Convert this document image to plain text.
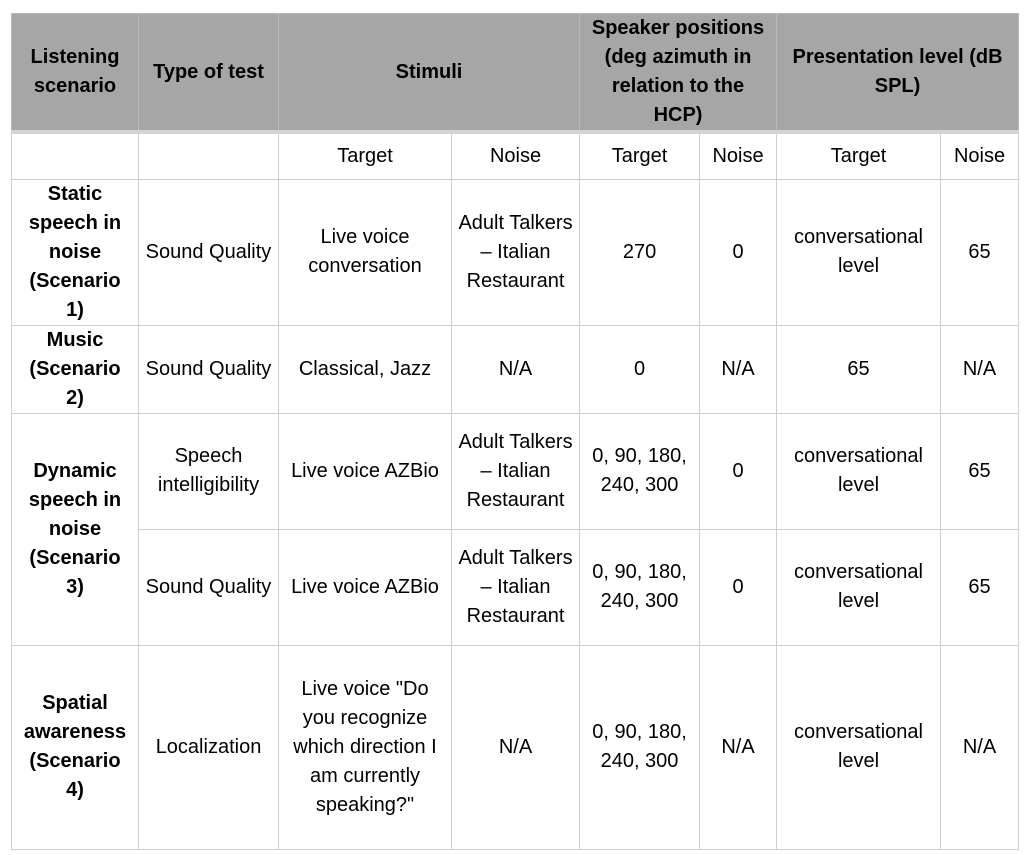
Listening scenario	Type of test	Stimuli		Speaker positions (deg azimuth in relation to the HCP)		Presentation level (dB SPL)	
		Target	Noise	Target	Noise	Target	Noise
Static speech in noise (Scenario 1)	Sound Quality	Live voice conversation	Adult Talkers – Italian Restaurant	270	0	conversational level	65
Music (Scenario 2)	Sound Quality	Classical, Jazz	N/A	0	N/A	65	N/A
Dynamic speech in noise (Scenario 3)	Speech intelligibility	Live voice AZBio	Adult Talkers – Italian Restaurant	0, 90, 180, 240, 300	0	conversational level	65
	Sound Quality	Live voice AZBio	Adult Talkers – Italian Restaurant	0, 90, 180, 240, 300	0	conversational level	65
Spatial awareness (Scenario 4)	Localization	Live voice "Do you recognize which direction I am currently speaking?"	N/A	0, 90, 180, 240, 300	N/A	conversational level	N/A
